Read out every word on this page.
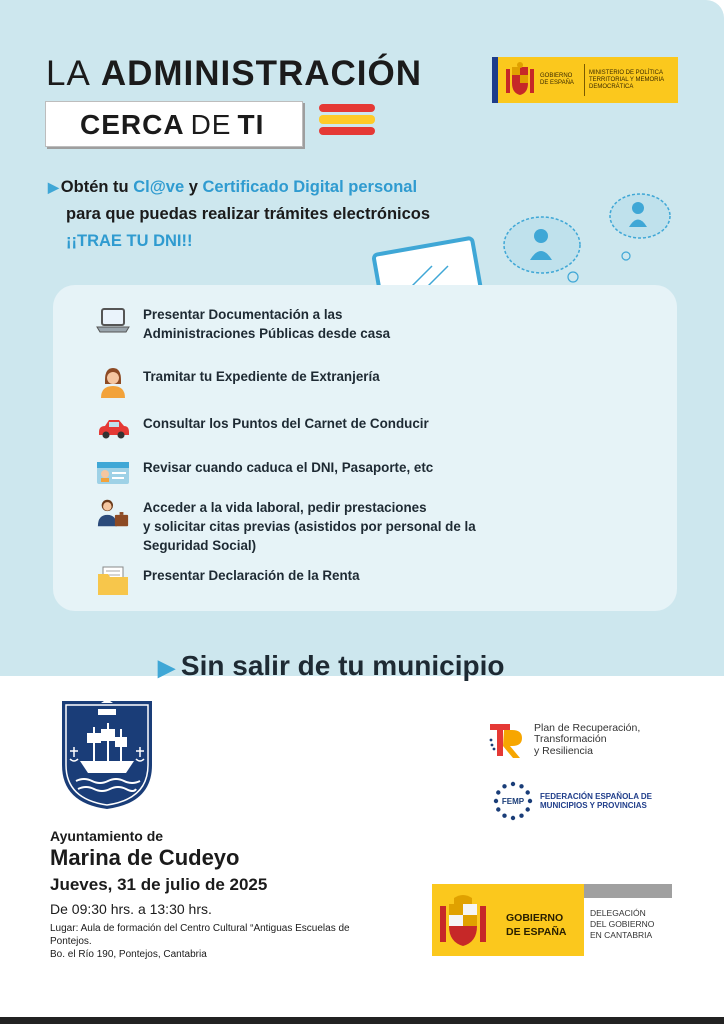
LA ADMINISTRACIÓN
CERCA DE TI
GOBIERNO DE ESPAÑA
MINISTERIO DE POLÍTICA TERRITORIAL Y MEMORIA DEMOCRÁTICA
▶ Obtén tu Cl@ve y Certificado Digital personal
para que puedas realizar trámites electrónicos
¡¡TRAE TU DNI!!
Presentar Documentación a las
Administraciones Públicas desde casa
Tramitar tu Expediente de Extranjería
Consultar los Puntos del Carnet de Conducir
Revisar cuando caduca el DNI, Pasaporte, etc
Acceder a la vida laboral, pedir prestaciones
y solicitar citas previas (asistidos por personal de la
Seguridad Social)
Presentar Declaración de la Renta
▶ Sin salir de tu municipio
Ayuntamiento de
Marina de Cudeyo
Jueves, 31 de julio de 2025
De 09:30 hrs. a 13:30 hrs.
Lugar: Aula de formación del Centro Cultural “Antiguas Escuelas de Pontejos.
Bo. el Río 190, Pontejos, Cantabria
Plan de Recuperación,
Transformación
y Resiliencia
FEMP
FEDERACIÓN ESPAÑOLA DE
MUNICIPIOS Y PROVINCIAS
GOBIERNO
DE ESPAÑA
DELEGACIÓN
DEL GOBIERNO
EN CANTABRIA
